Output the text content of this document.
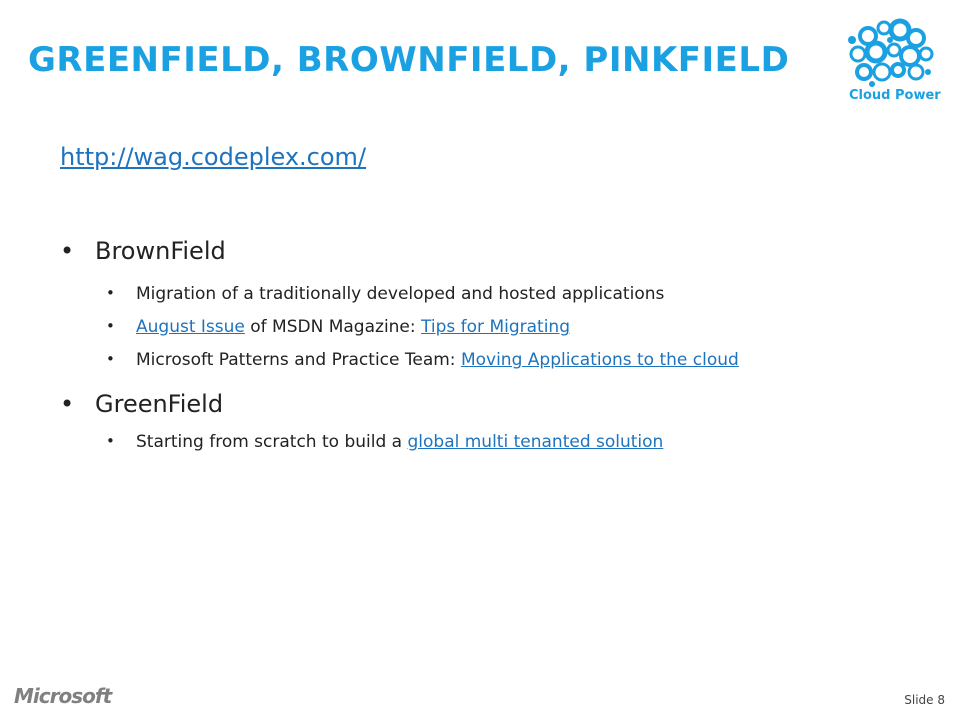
GREENFIELD, BROWNFIELD, PINKFIELD
Cloud Power
http://wag.codeplex.com/
• BrownField
• Migration of a traditionally developed and hosted applications
• August Issue of MSDN Magazine: Tips for Migrating
• Microsoft Patterns and Practice Team: Moving Applications to the cloud
• GreenField
• Starting from scratch to build a global multi tenanted solution
Microsoft	Slide 8
